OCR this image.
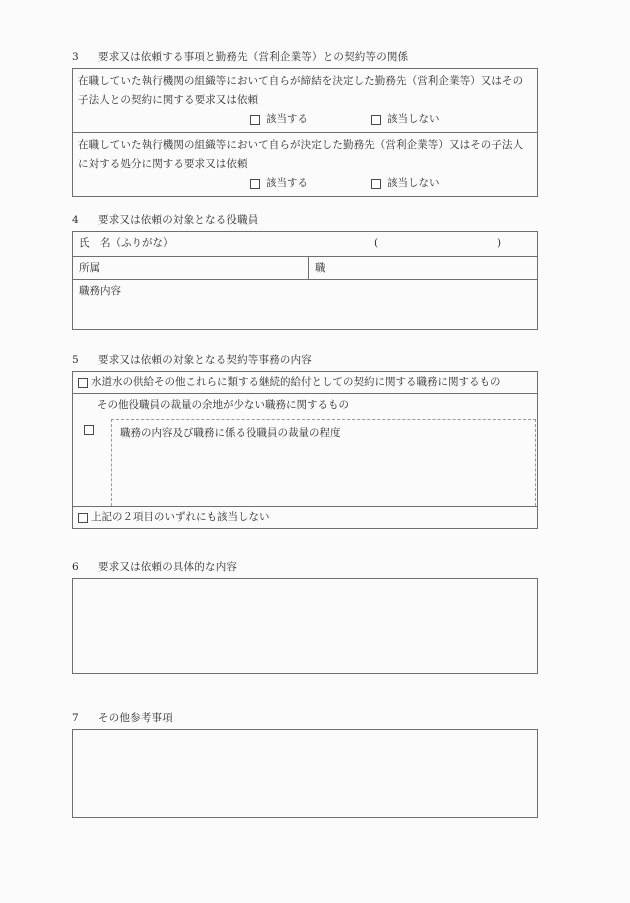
3 要求又は依頼する事項と勤務先（営利企業等）との契約等の関係
在職していた執行機関の組織等において自らが締結を決定した勤務先（営利企業等）又はその子法人との契約に関する要求又は依頼
該当する	該当しない
在職していた執行機関の組織等において自らが決定した勤務先（営利企業等）又はその子法人に対する処分に関する要求又は依頼
該当する	該当しない
4 要求又は依頼の対象となる役職員
氏　名（ふりがな）	(	)
所属	職
職務内容
5 要求又は依頼の対象となる契約等事務の内容
水道水の供給その他これらに類する継続的給付としての契約に関する職務に関するもの
その他役職員の裁量の余地が少ない職務に関するもの
職務の内容及び職務に係る役職員の裁量の程度
上記の２項目のいずれにも該当しない
6 要求又は依頼の具体的な内容
7 その他参考事項
